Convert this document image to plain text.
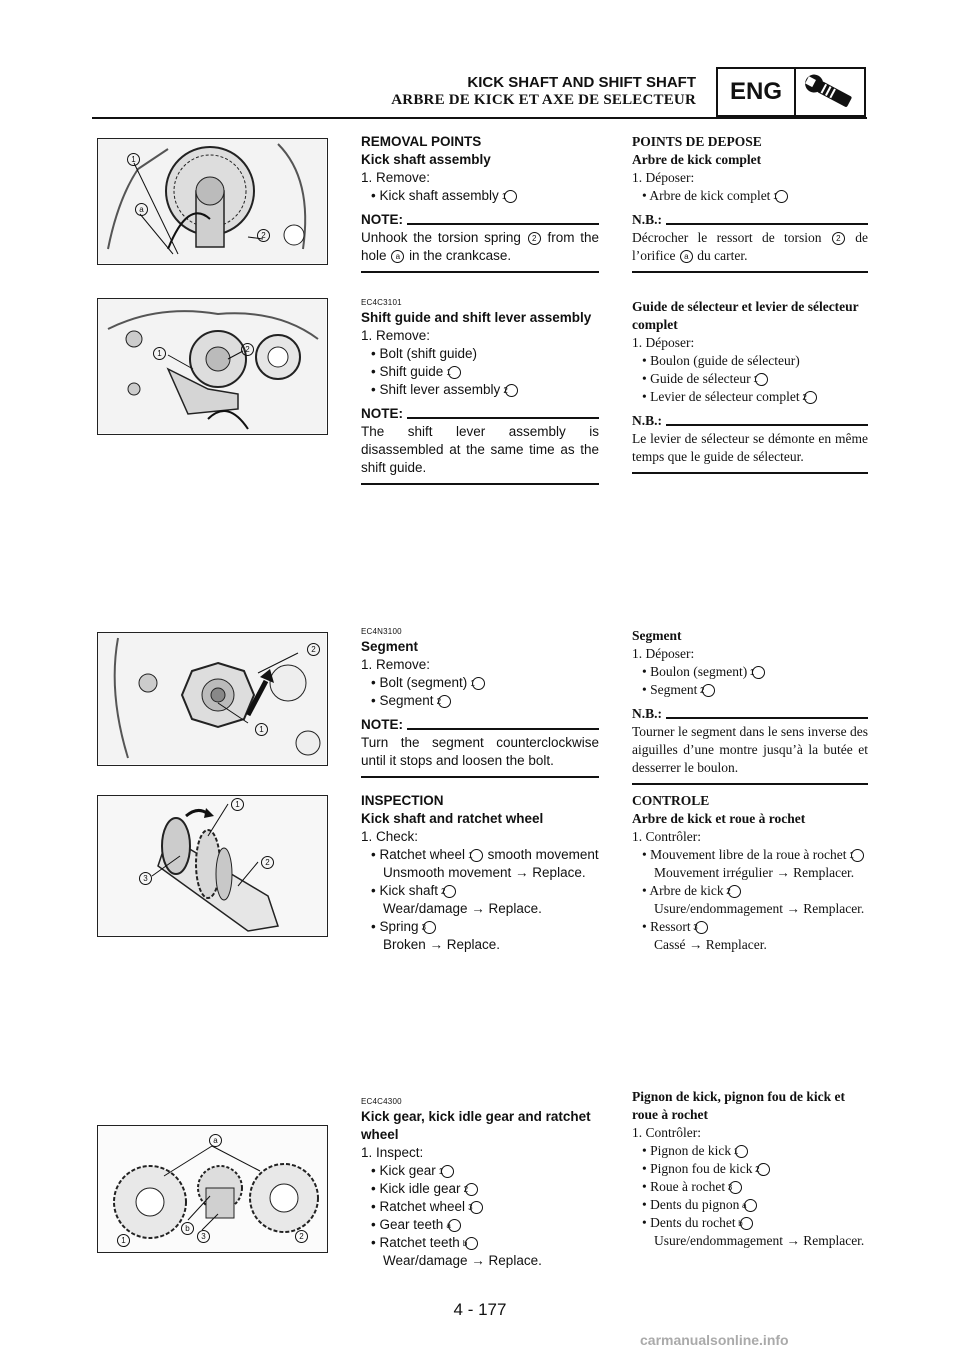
KICK SHAFT AND SHIFT SHAFT
ARBRE DE KICK ET AXE DE SELECTEUR	ENG
1
a
2
1	2
2
1
1
2
3
a
b
3
1	2
REMOVAL POINTS
Kick shaft assembly
1. Remove:
• Kick shaft assembly 1
NOTE:
Unhook the torsion spring 2 from the hole a in the crankcase.
POINTS DE DEPOSE
Arbre de kick complet
1. Déposer:
• Arbre de kick complet 1
N.B.:
Décrocher le ressort de torsion 2 de l’orifice a du carter.
EC4C3101
Shift guide and shift lever assembly
1. Remove:
• Bolt (shift guide)
• Shift guide 1
• Shift lever assembly 2
NOTE:
The shift lever assembly is disassembled at the same time as the shift guide.
Guide de sélecteur et levier de sélecteur complet
1. Déposer:
• Boulon (guide de sélecteur)
• Guide de sélecteur 1
• Levier de sélecteur complet 2
N.B.:
Le levier de sélecteur se démonte en même temps que le guide de sélecteur.
EC4N3100
Segment
1. Remove:
• Bolt (segment) 1
• Segment 2
NOTE:
Turn the segment counterclockwise until it stops and loosen the bolt.
Segment
1. Déposer:
• Boulon (segment) 1
• Segment 2
N.B.:
Tourner le segment dans le sens inverse des aiguilles d’une montre jusqu’à la butée et desserrer le boulon.
INSPECTION
Kick shaft and ratchet wheel
1. Check:
• Ratchet wheel 1 smooth movement
Unsmooth movement → Replace.
• Kick shaft 2
Wear/damage → Replace.
• Spring 3
Broken → Replace.
CONTROLE
Arbre de kick et roue à rochet
1. Contrôler:
• Mouvement libre de la roue à rochet 1
Mouvement irrégulier → Remplacer.
• Arbre de kick 2
Usure/endommagement → Remplacer.
• Ressort 3
Cassé → Remplacer.
EC4C4300
Kick gear, kick idle gear and ratchet wheel
1. Inspect:
• Kick gear 1
• Kick idle gear 2
• Ratchet wheel 3
• Gear teeth a
• Ratchet teeth b
Wear/damage → Replace.
Pignon de kick, pignon fou de kick et roue à rochet
1. Contrôler:
• Pignon de kick 1
• Pignon fou de kick 2
• Roue à rochet 3
• Dents du pignon a
• Dents du rochet b
Usure/endommagement → Remplacer.
4 - 177
carmanualsonline.info
